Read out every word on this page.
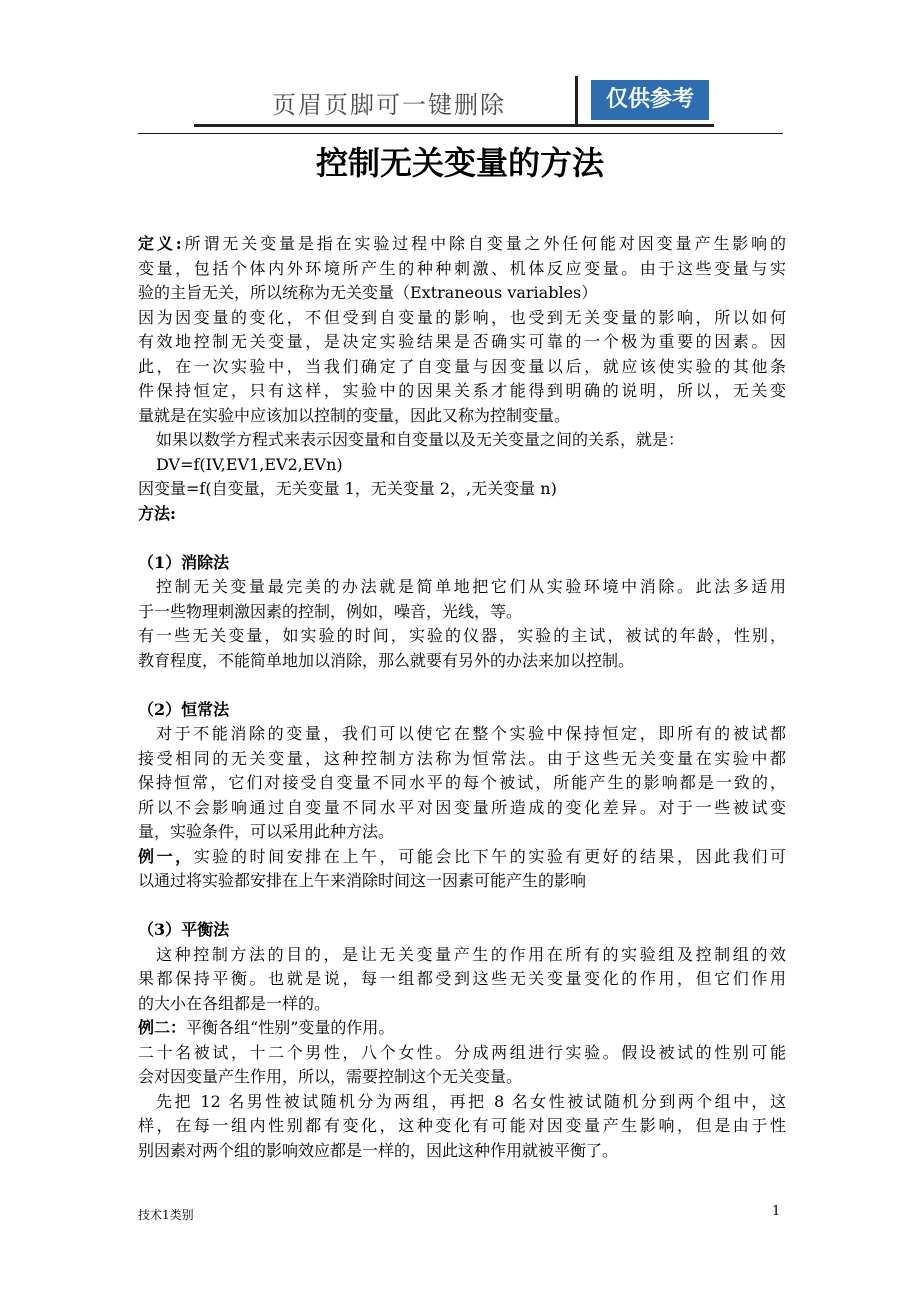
页眉页脚可一键删除	仅供参考
控制无关变量的方法
定义:所谓无关变量是指在实验过程中除自变量之外任何能对因变量产生影响的
变量，包括个体内外环境所产生的种种刺激、机体反应变量。由于这些变量与实
验的主旨无关，所以统称为无关变量（Extraneous variables）
因为因变量的变化，不但受到自变量的影响，也受到无关变量的影响，所以如何
有效地控制无关变量，是决定实验结果是否确实可靠的一个极为重要的因素。因
此，在一次实验中，当我们确定了自变量与因变量以后，就应该使实验的其他条
件保持恒定，只有这样，实验中的因果关系才能得到明确的说明，所以，无关变
量就是在实验中应该加以控制的变量，因此又称为控制变量。
如果以数学方程式来表示因变量和自变量以及无关变量之间的关系，就是：
DV=f(IV,EV1,EV2,EVn)
因变量=f(自变量，无关变量 1，无关变量 2，,无关变量 n)
方法:
（1）消除法
控制无关变量最完美的办法就是简单地把它们从实验环境中消除。此法多适用
于一些物理刺激因素的控制，例如，噪音，光线，等。
有一些无关变量，如实验的时间，实验的仪器，实验的主试，被试的年龄，性别，
教育程度，不能简单地加以消除，那么就要有另外的办法来加以控制。
（2）恒常法
对于不能消除的变量，我们可以使它在整个实验中保持恒定，即所有的被试都
接受相同的无关变量，这种控制方法称为恒常法。由于这些无关变量在实验中都
保持恒常，它们对接受自变量不同水平的每个被试，所能产生的影响都是一致的，
所以不会影响通过自变量不同水平对因变量所造成的变化差异。对于一些被试变
量，实验条件，可以采用此种方法。
例一，实验的时间安排在上午，可能会比下午的实验有更好的结果，因此我们可
以通过将实验都安排在上午来消除时间这一因素可能产生的影响
（3）平衡法
这种控制方法的目的，是让无关变量产生的作用在所有的实验组及控制组的效
果都保持平衡。也就是说，每一组都受到这些无关变量变化的作用，但它们作用
的大小在各组都是一样的。
例二：平衡各组“性别”变量的作用。
二十名被试，十二个男性，八个女性。分成两组进行实验。假设被试的性别可能
会对因变量产生作用，所以，需要控制这个无关变量。
先把 12 名男性被试随机分为两组，再把 8 名女性被试随机分到两个组中，这
样，在每一组内性别都有变化，这种变化有可能对因变量产生影响，但是由于性
别因素对两个组的影响效应都是一样的，因此这种作用就被平衡了。
技术1类别	1
